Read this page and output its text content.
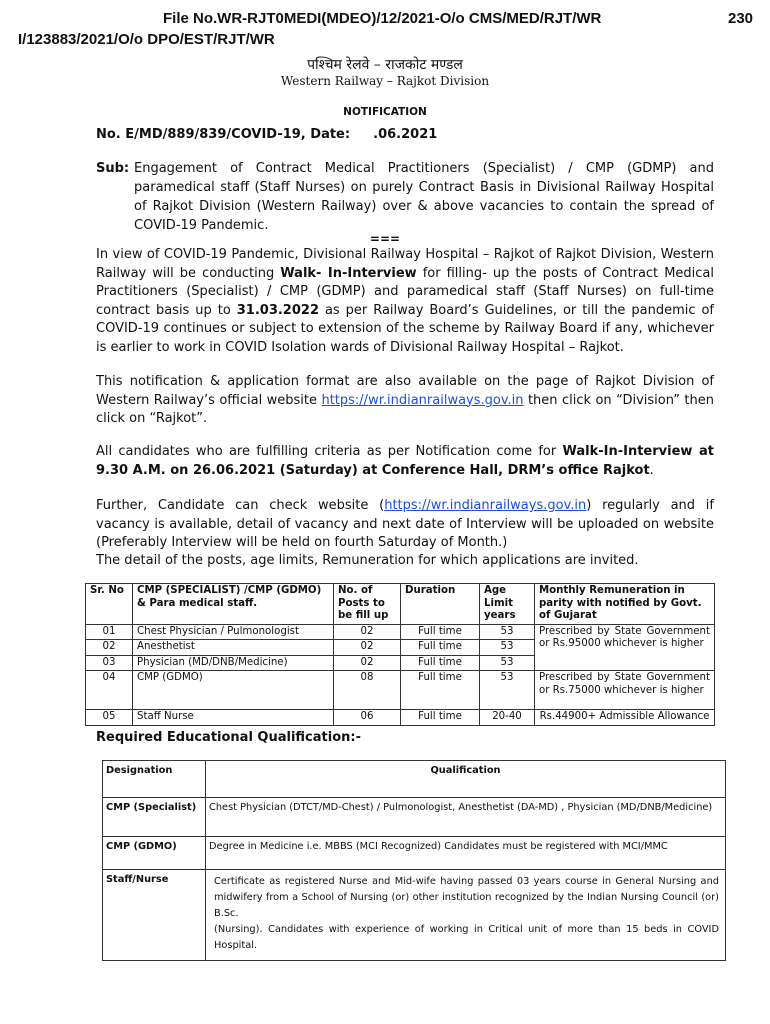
File No.WR-RJT0MEDI(MDEO)/12/2021-O/o CMS/MED/RJT/WR	230
I/123883/2021/O/o DPO/EST/RJT/WR
पश्चिम रेलवे – राजकोट मण्डल
Western Railway – Rajkot Division
NOTIFICATION
No. E/MD/889/839/COVID-19, Date: .06.2021
Sub: Engagement of Contract Medical Practitioners (Specialist) / CMP (GDMP) and paramedical staff (Staff Nurses) on purely Contract Basis in Divisional Railway Hospital of Rajkot Division (Western Railway) over & above vacancies to contain the spread of COVID-19 Pandemic.
===
In view of COVID-19 Pandemic, Divisional Railway Hospital – Rajkot of Rajkot Division, Western Railway will be conducting Walk- In-Interview for filling- up the posts of Contract Medical Practitioners (Specialist) / CMP (GDMP) and paramedical staff (Staff Nurses) on full-time contract basis up to 31.03.2022 as per Railway Board’s Guidelines, or till the pandemic of COVID-19 continues or subject to extension of the scheme by Railway Board if any, whichever is earlier to work in COVID Isolation wards of Divisional Railway Hospital – Rajkot.
This notification & application format are also available on the page of Rajkot Division of Western Railway’s official website https://wr.indianrailways.gov.in then click on “Division” then click on “Rajkot”.
All candidates who are fulfilling criteria as per Notification come for Walk-In-Interview at 9.30 A.M. on 26.06.2021 (Saturday) at Conference Hall, DRM’s office Rajkot.
Further, Candidate can check website (https://wr.indianrailways.gov.in) regularly and if vacancy is available, detail of vacancy and next date of Interview will be uploaded on website (Preferably Interview will be held on fourth Saturday of Month.)
The detail of the posts, age limits, Remuneration for which applications are invited.
Sr. No	CMP (SPECIALIST) /CMP (GDMO) & Para medical staff.	No. of Posts to be fill up	Duration	Age Limit years	Monthly Remuneration in parity with notified by Govt. of Gujarat
01	Chest Physician / Pulmonologist	02	Full time	53	Prescribed by State Government or Rs.95000 whichever is higher
02	Anesthetist	02	Full time	53	
03	Physician (MD/DNB/Medicine)	02	Full time	53	
04	CMP (GDMO)	08	Full time	53	Prescribed by State Government or Rs.75000 whichever is higher
05	Staff Nurse	06	Full time	20-40	Rs.44900+ Admissible Allowance
Required Educational Qualification:-
Designation	Qualification
CMP (Specialist)	Chest Physician (DTCT/MD-Chest) / Pulmonologist, Anesthetist (DA-MD) , Physician (MD/DNB/Medicine)
CMP (GDMO)	Degree in Medicine i.e. MBBS (MCI Recognized) Candidates must be registered with MCI/MMC
Staff/Nurse	Certificate as registered Nurse and Mid-wife having passed 03 years course in General Nursing and midwifery from a School of Nursing (or) other institution recognized by the Indian Nursing Council (or) B.Sc.
(Nursing). Candidates with experience of working in Critical unit of more than 15 beds in COVID Hospital.
